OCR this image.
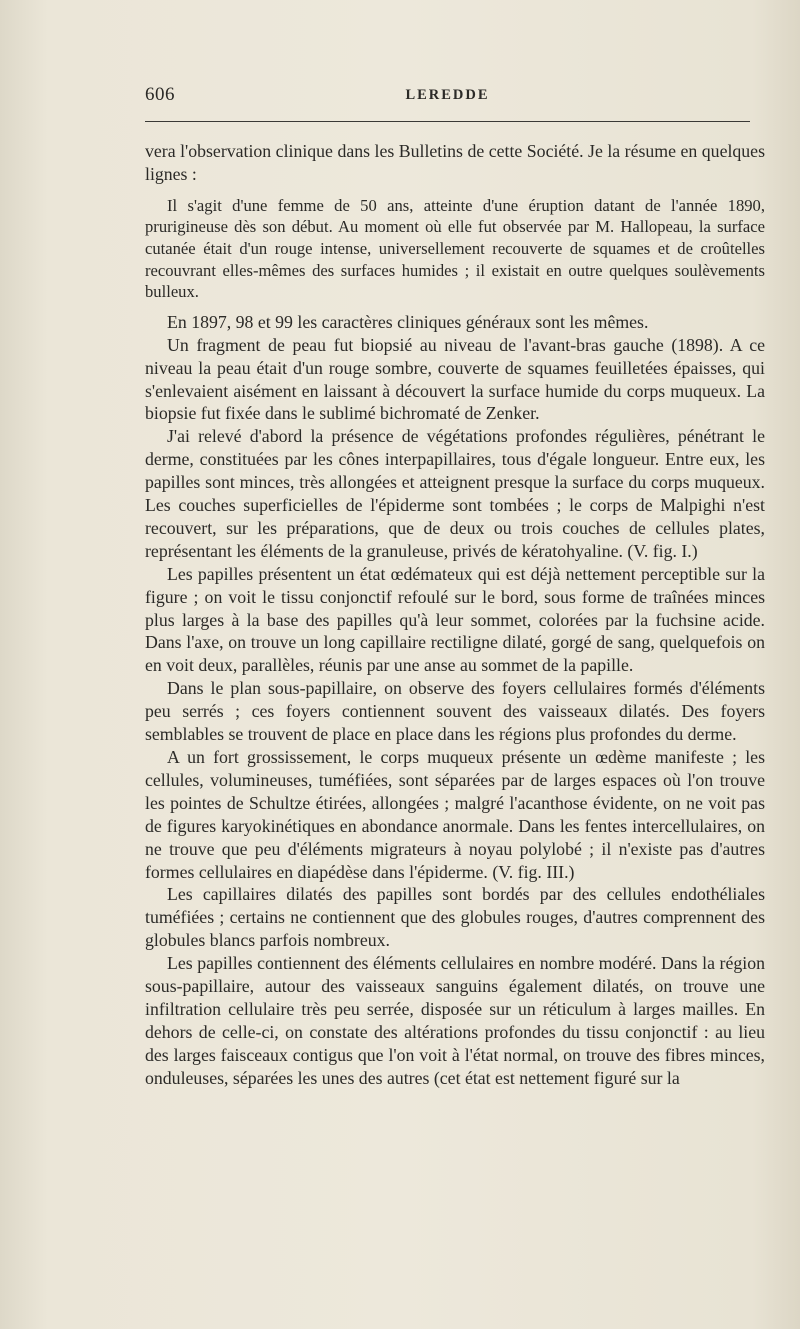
606	LEREDDE

vera l'observation clinique dans les Bulletins de cette Société. Je la résume en quelques lignes :

Il s'agit d'une femme de 50 ans, atteinte d'une éruption datant de l'année 1890, prurigineuse dès son début. Au moment où elle fut observée par M. Hallopeau, la surface cutanée était d'un rouge intense, universellement recouverte de squames et de croûtelles recouvrant elles-mêmes des surfaces humides ; il existait en outre quelques soulèvements bulleux.

En 1897, 98 et 99 les caractères cliniques généraux sont les mêmes.

Un fragment de peau fut biopsié au niveau de l'avant-bras gauche (1898). A ce niveau la peau était d'un rouge sombre, couverte de squames feuilletées épaisses, qui s'enlevaient aisément en laissant à découvert la surface humide du corps muqueux. La biopsie fut fixée dans le sublimé bichromaté de Zenker.

J'ai relevé d'abord la présence de végétations profondes régulières, pénétrant le derme, constituées par les cônes interpapillaires, tous d'égale longueur. Entre eux, les papilles sont minces, très allongées et atteignent presque la surface du corps muqueux. Les couches superficielles de l'épiderme sont tombées ; le corps de Malpighi n'est recouvert, sur les préparations, que de deux ou trois couches de cellules plates, représentant les éléments de la granuleuse, privés de kératohyaline. (V. fig. I.)

Les papilles présentent un état œdémateux qui est déjà nettement perceptible sur la figure ; on voit le tissu conjonctif refoulé sur le bord, sous forme de traînées minces plus larges à la base des papilles qu'à leur sommet, colorées par la fuchsine acide. Dans l'axe, on trouve un long capillaire rectiligne dilaté, gorgé de sang, quelquefois on en voit deux, parallèles, réunis par une anse au sommet de la papille.

Dans le plan sous-papillaire, on observe des foyers cellulaires formés d'éléments peu serrés ; ces foyers contiennent souvent des vaisseaux dilatés. Des foyers semblables se trouvent de place en place dans les régions plus profondes du derme.

A un fort grossissement, le corps muqueux présente un œdème manifeste ; les cellules, volumineuses, tuméfiées, sont séparées par de larges espaces où l'on trouve les pointes de Schultze étirées, allongées ; malgré l'acanthose évidente, on ne voit pas de figures karyokinétiques en abondance anormale. Dans les fentes intercellulaires, on ne trouve que peu d'éléments migrateurs à noyau polylobé ; il n'existe pas d'autres formes cellulaires en diapédèse dans l'épiderme. (V. fig. III.)

Les capillaires dilatés des papilles sont bordés par des cellules endothéliales tuméfiées ; certains ne contiennent que des globules rouges, d'autres comprennent des globules blancs parfois nombreux.

Les papilles contiennent des éléments cellulaires en nombre modéré. Dans la région sous-papillaire, autour des vaisseaux sanguins également dilatés, on trouve une infiltration cellulaire très peu serrée, disposée sur un réticulum à larges mailles. En dehors de celle-ci, on constate des altérations profondes du tissu conjonctif : au lieu des larges faisceaux contigus que l'on voit à l'état normal, on trouve des fibres minces, onduleuses, séparées les unes des autres (cet état est nettement figuré sur la
